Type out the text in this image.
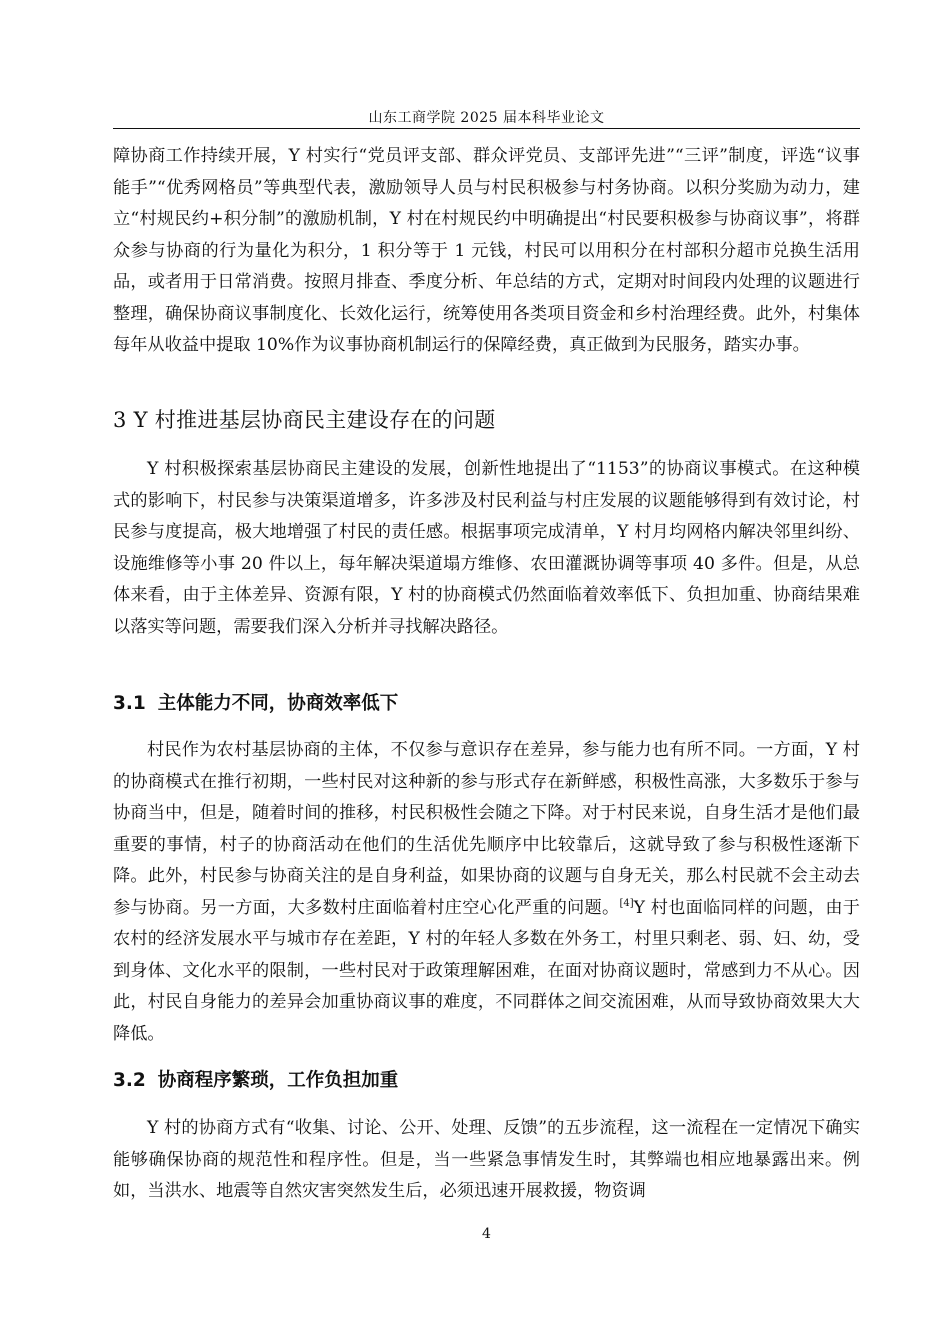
山东工商学院 2025 届本科毕业论文

障协商工作持续开展，Y 村实行“党员评支部、群众评党员、支部评先进”“三评”制度，评选“议事能手”“优秀网格员”等典型代表，激励领导人员与村民积极参与村务协商。以积分奖励为动力，建立“村规民约+积分制”的激励机制，Y 村在村规民约中明确提出“村民要积极参与协商议事”，将群众参与协商的行为量化为积分，1 积分等于 1 元钱，村民可以用积分在村部积分超市兑换生活用品，或者用于日常消费。按照月排查、季度分析、年总结的方式，定期对时间段内处理的议题进行整理，确保协商议事制度化、长效化运行，统筹使用各类项目资金和乡村治理经费。此外，村集体每年从收益中提取 10%作为议事协商机制运行的保障经费，真正做到为民服务，踏实办事。

3 Y 村推进基层协商民主建设存在的问题

Y 村积极探索基层协商民主建设的发展，创新性地提出了“1153”的协商议事模式。在这种模式的影响下，村民参与决策渠道增多，许多涉及村民利益与村庄发展的议题能够得到有效讨论，村民参与度提高，极大地增强了村民的责任感。根据事项完成清单，Y 村月均网格内解决邻里纠纷、设施维修等小事 20 件以上，每年解决渠道塌方维修、农田灌溉协调等事项 40 多件。但是，从总体来看，由于主体差异、资源有限，Y 村的协商模式仍然面临着效率低下、负担加重、协商结果难以落实等问题，需要我们深入分析并寻找解决路径。

3.1 主体能力不同，协商效率低下

村民作为农村基层协商的主体，不仅参与意识存在差异，参与能力也有所不同。一方面，Y 村的协商模式在推行初期，一些村民对这种新的参与形式存在新鲜感，积极性高涨，大多数乐于参与协商当中，但是，随着时间的推移，村民积极性会随之下降。对于村民来说，自身生活才是他们最重要的事情，村子的协商活动在他们的生活优先顺序中比较靠后，这就导致了参与积极性逐渐下降。此外，村民参与协商关注的是自身利益，如果协商的议题与自身无关，那么村民就不会主动去参与协商。另一方面，大多数村庄面临着村庄空心化严重的问题。[4]Y 村也面临同样的问题，由于农村的经济发展水平与城市存在差距，Y 村的年轻人多数在外务工，村里只剩老、弱、妇、幼，受到身体、文化水平的限制，一些村民对于政策理解困难，在面对协商议题时，常感到力不从心。因此，村民自身能力的差异会加重协商议事的难度，不同群体之间交流困难，从而导致协商效果大大降低。

3.2 协商程序繁琐，工作负担加重

Y 村的协商方式有“收集、讨论、公开、处理、反馈”的五步流程，这一流程在一定情况下确实能够确保协商的规范性和程序性。但是，当一些紧急事情发生时，其弊端也相应地暴露出来。例如，当洪水、地震等自然灾害突然发生后，必须迅速开展救援，物资调

4
